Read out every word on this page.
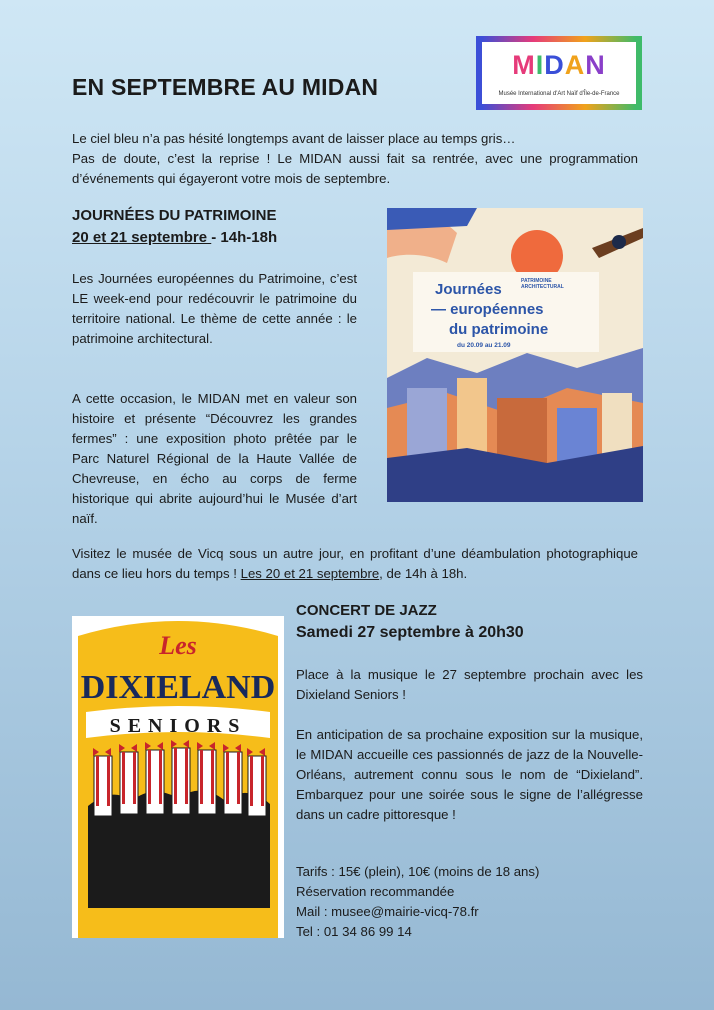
EN SEPTEMBRE AU MIDAN
MIDAN
Musée International d'Art Naïf d'Île-de-France
Le ciel bleu n’a pas hésité longtemps avant de laisser place au temps gris…
Pas de doute, c’est la reprise ! Le MIDAN aussi fait sa rentrée, avec une programmation d’événements qui égayeront votre mois de septembre.
JOURNÉES DU PATRIMOINE
20 et 21 septembre - 14h-18h
Les Journées européennes du Patrimoine, c’est LE week-end pour redécouvrir le patrimoine du territoire national. Le thème de cette année : le patrimoine architectural.
A cette occasion, le MIDAN met en valeur son histoire et présente “Découvrez les grandes fermes” : une exposition photo prêtée par le Parc Naturel Régional de la Haute Vallée de Chevreuse, en écho au corps de ferme historique qui abrite aujourd’hui le Musée d’art naïf.
Journées	PATRIMOINE
ARCHITECTURAL
— européennes
du patrimoine
du 20.09 au 21.09
Visitez le musée de Vicq sous un autre jour, en profitant d’une déambulation photographique dans ce lieu hors du temps ! Les 20 et 21 septembre, de 14h à 18h.
Les
DIXIELAND
SENIORS
CONCERT DE JAZZ
Samedi 27 septembre à 20h30
Place à la musique le 27 septembre prochain avec les Dixieland Seniors !
En anticipation de sa prochaine exposition sur la musique, le MIDAN accueille ces passionnés de jazz de la Nouvelle-Orléans, autrement connu sous le nom de “Dixieland”. Embarquez pour une soirée sous le signe de l’allégresse dans un cadre pittoresque !
Tarifs : 15€ (plein), 10€ (moins de 18 ans)
Réservation recommandée
Mail : musee@mairie-vicq-78.fr
Tel : 01 34 86 99 14
